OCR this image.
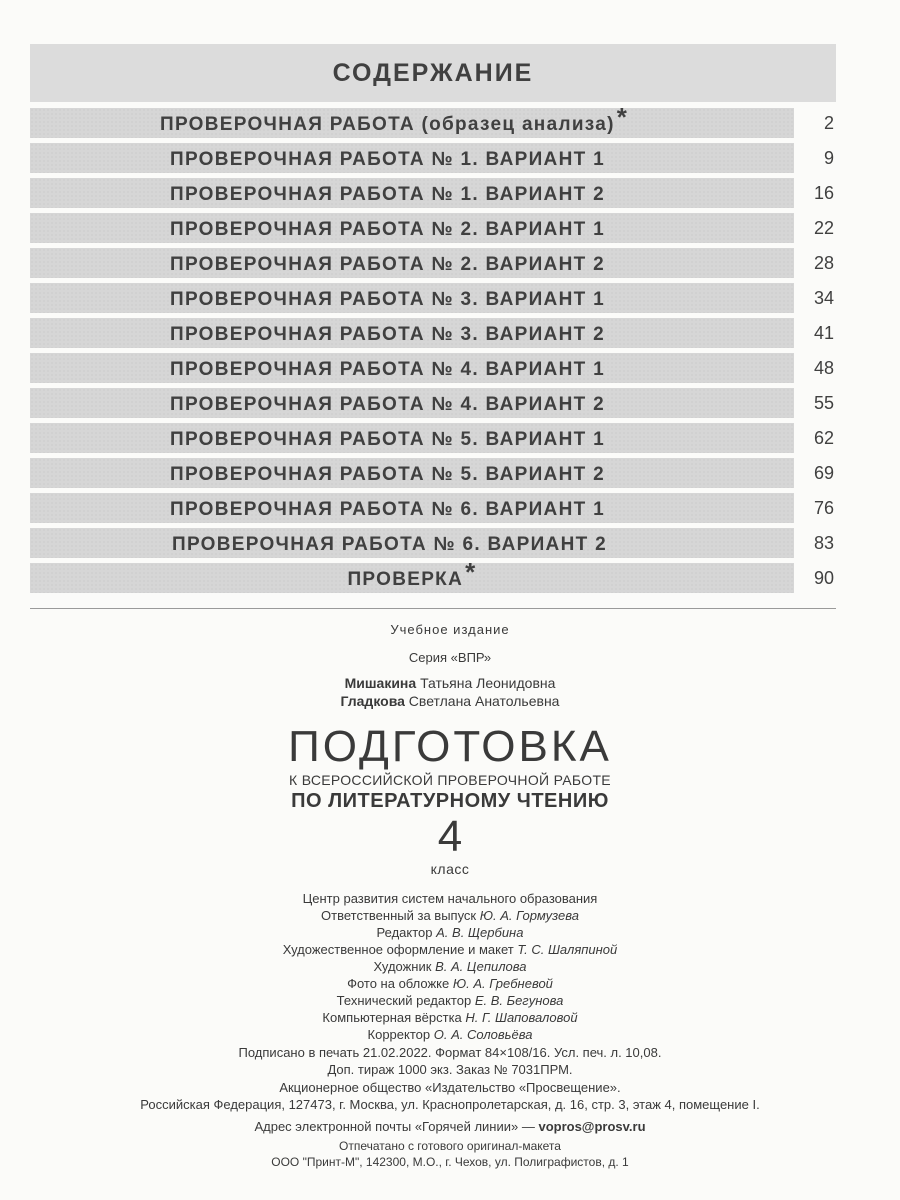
СОДЕРЖАНИЕ
ПРОВЕРОЧНАЯ РАБОТА (образец анализа)*	2
ПРОВЕРОЧНАЯ РАБОТА № 1. ВАРИАНТ 1	9
ПРОВЕРОЧНАЯ РАБОТА № 1. ВАРИАНТ 2	16
ПРОВЕРОЧНАЯ РАБОТА № 2. ВАРИАНТ 1	22
ПРОВЕРОЧНАЯ РАБОТА № 2. ВАРИАНТ 2	28
ПРОВЕРОЧНАЯ РАБОТА № 3. ВАРИАНТ 1	34
ПРОВЕРОЧНАЯ РАБОТА № 3. ВАРИАНТ 2	41
ПРОВЕРОЧНАЯ РАБОТА № 4. ВАРИАНТ 1	48
ПРОВЕРОЧНАЯ РАБОТА № 4. ВАРИАНТ 2	55
ПРОВЕРОЧНАЯ РАБОТА № 5. ВАРИАНТ 1	62
ПРОВЕРОЧНАЯ РАБОТА № 5. ВАРИАНТ 2	69
ПРОВЕРОЧНАЯ РАБОТА № 6. ВАРИАНТ 1	76
ПРОВЕРОЧНАЯ РАБОТА № 6. ВАРИАНТ 2	83
ПРОВЕРКА*	90
Учебное издание
Серия «ВПР»
Мишакина Татьяна Леонидовна
Гладкова Светлана Анатольевна
ПОДГОТОВКА
К ВСЕРОССИЙСКОЙ ПРОВЕРОЧНОЙ РАБОТЕ
ПО ЛИТЕРАТУРНОМУ ЧТЕНИЮ
4
класс
Центр развития систем начального образования
Ответственный за выпуск Ю. А. Гормузева
Редактор А. В. Щербина
Художественное оформление и макет Т. С. Шаляпиной
Художник В. А. Цепилова
Фото на обложке Ю. А. Гребневой
Технический редактор Е. В. Бегунова
Компьютерная вёрстка Н. Г. Шаповаловой
Корректор О. А. Соловьёва
Подписано в печать 21.02.2022. Формат 84×108/16. Усл. печ. л. 10,08.
Доп. тираж 1000 экз. Заказ № 7031ПРМ.
Акционерное общество «Издательство «Просвещение».
Российская Федерация, 127473, г. Москва, ул. Краснопролетарская, д. 16, стр. 3, этаж 4, помещение I.
Адрес электронной почты «Горячей линии» — vopros@prosv.ru
Отпечатано с готового оригинал-макета
ООО "Принт-М", 142300, М.О., г. Чехов, ул. Полиграфистов, д. 1
